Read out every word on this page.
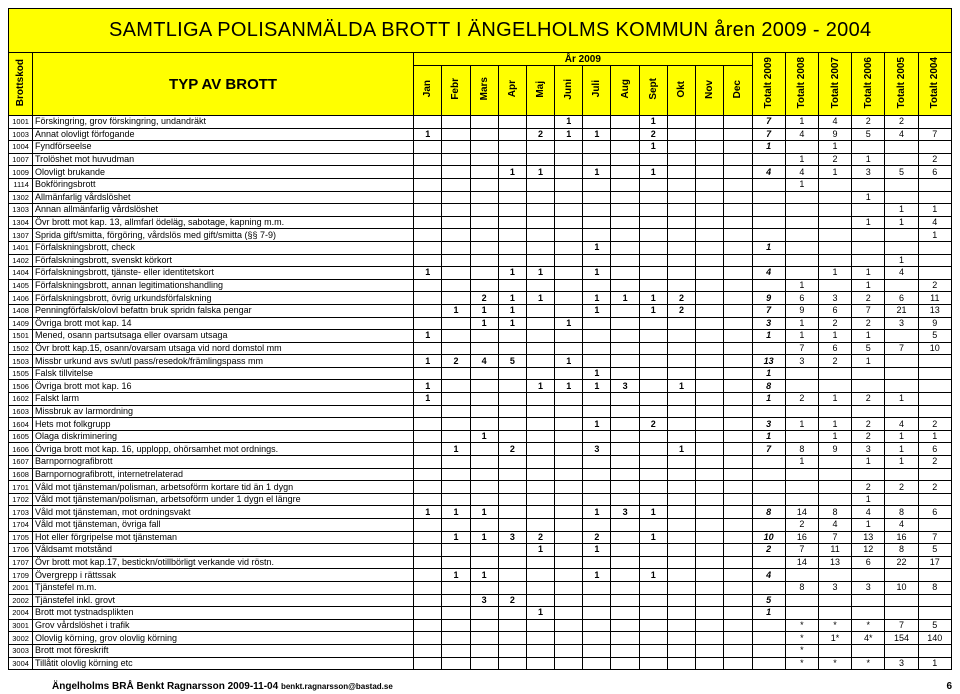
SAMTLIGA POLISANMÄLDA BROTT I ÄNGELHOLMS KOMMUN åren 2009 - 2004
Brottskod	TYP AV BROTT	År 2009												Totalt 2009	Totalt 2008	Totalt 2007	Totalt 2006	Totalt 2005	Totalt 2004
		Jan	Febr	Mars	Apr	Maj	Juni	Juli	Aug	Sept	Okt	Nov	Dec						
1001	Förskingring, grov förskingring, undandräkt						1			1				7	1	4	2	2	
1003	Annat olovligt förfogande	1				2	1	1		2				7	4	9	5	4	7
1004	Fyndförseelse									1				1		1			
1007	Trolöshet mot huvudman														1	2	1		2
1009	Olovligt brukande				1	1		1		1				4	4	1	3	5	6
1114	Bokföringsbrott														1				
1302	Allmänfarlig vårdslöshet																1		
1303	Annan allmänfarlig vårdslöshet																	1	1
1304	Övr brott mot kap. 13, allmfarl ödeläg, sabotage, kapning m.m.																1	1	4
1307	Sprida gift/smitta, förgöring, vårdslös med gift/smitta (§§ 7-9)																		1
1401	Förfalskningsbrott, check							1						1					
1402	Förfalskningsbrott, svenskt körkort																	1	
1404	Förfalskningsbrott, tjänste- eller identitetskort	1			1	1		1						4		1	1	4	
1405	Förfalskningsbrott, annan legitimationshandling														1		1		2
1406	Förfalskningsbrott, övrig urkundsförfalskning			2	1	1		1	1	1	2			9	6	3	2	6	11
1408	Penningförfalsk/olovl befattn bruk spridn falska pengar		1	1	1			1		1	2			7	9	6	7	21	13
1409	Övriga brott mot kap. 14			1	1		1							3	1	2	2	3	9
1501	Mened, osann partsutsaga eller ovarsam utsaga	1												1	1	1	1		5
1502	Övr brott kap.15, osann/ovarsam utsaga vid nord domstol mm														7	6	5	7	10
1503	Missbr urkund avs sv/utl pass/resedok/främlingspass mm	1	2	4	5		1							13	3	2	1		
1505	Falsk tillvitelse							1						1					
1506	Övriga brott mot kap. 16	1				1	1	1	3		1			8					
1602	Falskt larm	1												1	2	1	2	1	
1603	Missbruk av larmordning																		
1604	Hets mot folkgrupp							1		2				3	1	1	2	4	2
1605	Olaga diskriminering			1										1		1	2	1	1
1606	Övriga brott mot kap. 16, upplopp, ohörsamhet mot ordnings.		1		2			3			1			7	8	9	3	1	6
1607	Barnpornografibrott														1		1	1	2
1608	Barnpornografibrott, internetrelaterad																		
1701	Våld mot tjänsteman/polisman, arbetsoförm kortare tid än 1 dygn																2	2	2
1702	Våld mot tjänsteman/polisman, arbetsoförm under 1 dygn el längre																1		
1703	Våld mot tjänsteman, mot ordningsvakt	1	1	1				1	3	1				8	14	8	4	8	6
1704	Våld mot tjänsteman, övriga fall														2	4	1	4	
1705	Hot eller förgripelse mot tjänsteman		1	1	3	2		2		1				10	16	7	13	16	7
1706	Våldsamt motstånd					1		1						2	7	11	12	8	5
1707	Övr brott mot kap.17, bestickn/otillbörligt verkande vid röstn.														14	13	6	22	17
1709	Övergrepp i rättssak		1	1				1		1				4					
2001	Tjänstefel m.m.														8	3	3	10	8
2002	Tjänstefel inkl. grovt			3	2									5					
2004	Brott mot tystnadsplikten					1								1					
3001	Grov vårdslöshet i trafik														*	*	*	7	5
3002	Olovlig körning, grov olovlig körning														*	1*	4*	154	140
3003	Brott mot föreskrift														*				
3004	Tillåtit olovlig körning etc														*	*	*	3	1
Ängelholms BRÅ Benkt Ragnarsson 2009-11-04 benkt.ragnarsson@bastad.se	6
